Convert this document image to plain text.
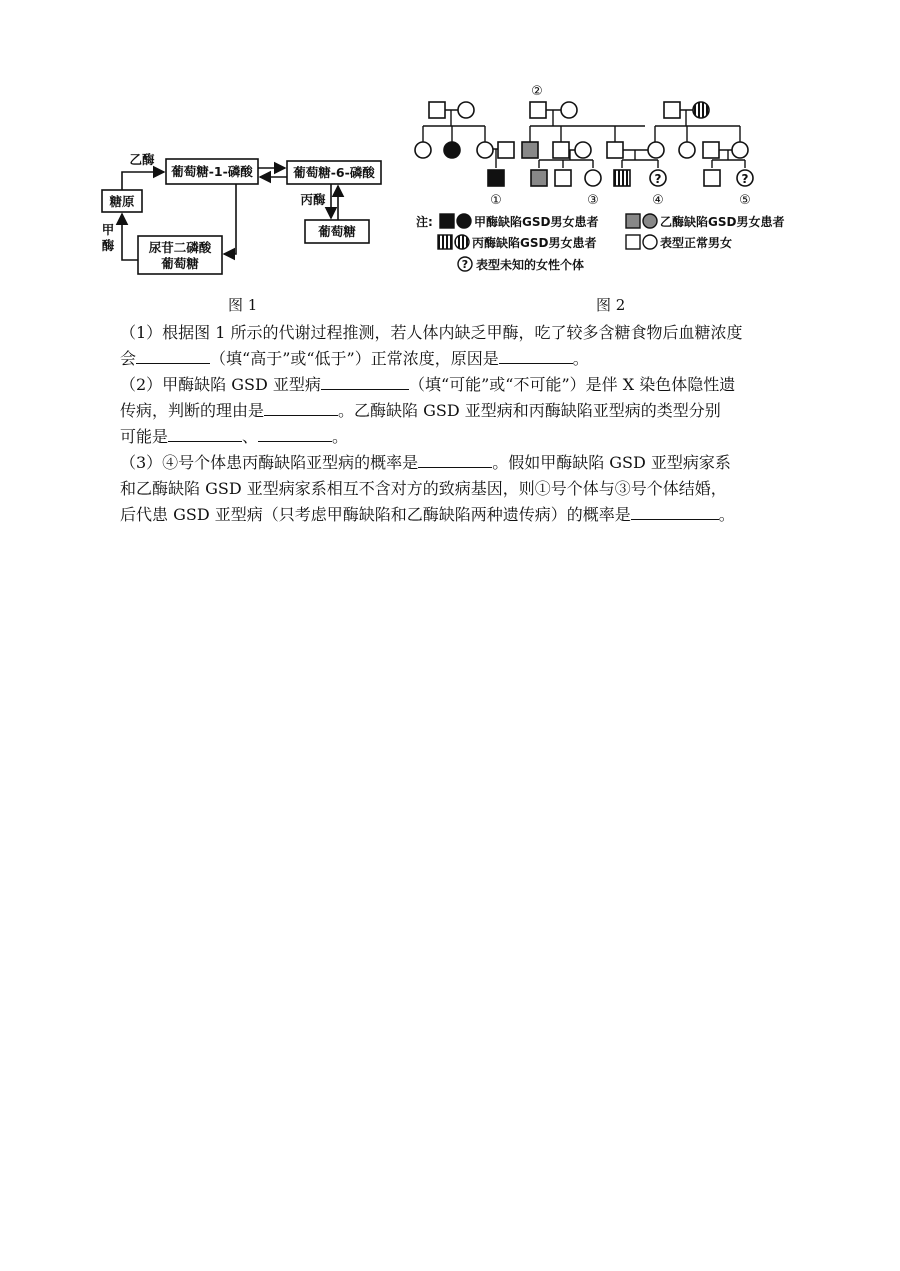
葡萄糖-1-磷酸	葡萄糖-6-磷酸
糖原
尿苷二磷酸
葡萄糖
葡萄糖
乙酶
丙酶
甲
酶
图 1
?	?
①
②
③	④	⑤
注:	甲酶缺陷GSD男女患者	乙酶缺陷GSD男女患者
丙酶缺陷GSD男女患者	表型正常男女
? 表型未知的女性个体
图 2
（1）根据图 1 所示的代谢过程推测，若人体内缺乏甲酶，吃了较多含糖食物后血糖浓度
会	（填“高于”或“低于”）正常浓度，原因是	。
（2）甲酶缺陷 GSD 亚型病	（填“可能”或“不可能”）是伴 X 染色体隐性遗
传病，判断的理由是	。乙酶缺陷 GSD 亚型病和丙酶缺陷亚型病的类型分别
可能是	、	。
（3）④号个体患丙酶缺陷亚型病的概率是	。假如甲酶缺陷 GSD 亚型病家系
和乙酶缺陷 GSD 亚型病家系相互不含对方的致病基因，则①号个体与③号个体结婚，
后代患 GSD 亚型病（只考虑甲酶缺陷和乙酶缺陷两种遗传病）的概率是	。
